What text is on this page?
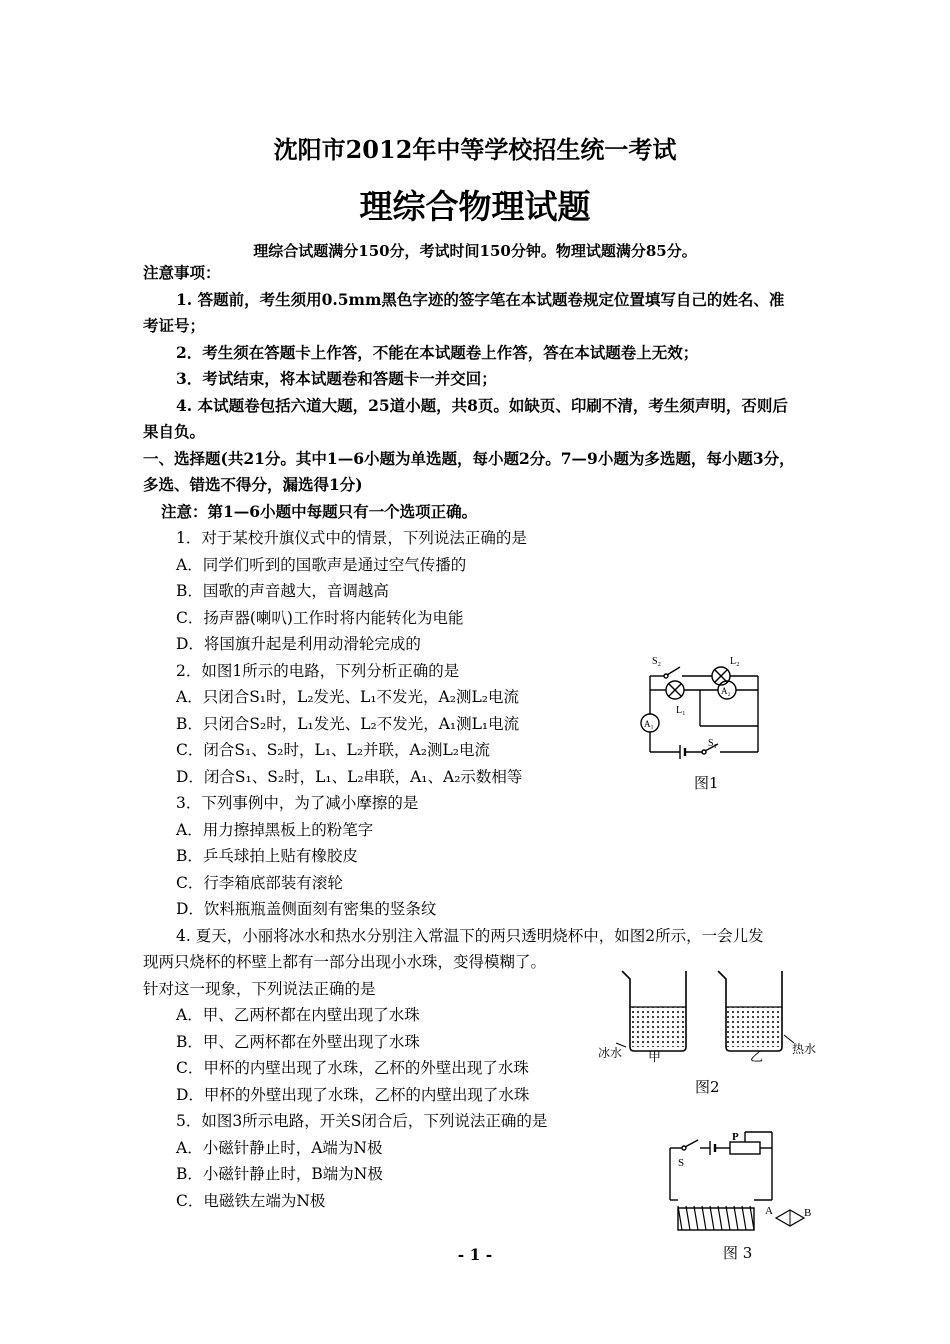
沈阳市2012年中等学校招生统一考试
理综合物理试题
理综合试题满分150分，考试时间150分钟。物理试题满分85分。
注意事项：
1. 答题前，考生须用0.5mm黑色字迹的签字笔在本试题卷规定位置填写自己的姓名、准
考证号；
2．考生须在答题卡上作答，不能在本试题卷上作答，答在本试题卷上无效；
3．考试结束，将本试题卷和答题卡一并交回；
4. 本试题卷包括六道大题，25道小题，共8页。如缺页、印刷不清，考生须声明，否则后
果自负。
一、选择题(共21分。其中1—6小题为单选题，每小题2分。7—9小题为多选题，每小题3分，
多选、错选不得分，漏选得1分)
注意：第1—6小题中每题只有一个选项正确。
1．对于某校升旗仪式中的情景，下列说法正确的是
A．同学们听到的国歌声是通过空气传播的
B．国歌的声音越大，音调越高
C．扬声器(喇叭)工作时将内能转化为电能
D．将国旗升起是利用动滑轮完成的
2．如图1所示的电路，下列分析正确的是
A．只闭合S₁时，L₂发光、L₁不发光，A₂测L₂电流
B．只闭合S₂时，L₁发光、L₂不发光，A₁测L₁电流
C．闭合S₁、S₂时，L₁、L₂并联，A₂测L₂电流
D．闭合S₁、S₂时，L₁、L₂串联，A₁、A₂示数相等
3．下列事例中，为了减小摩擦的是
A．用力擦掉黑板上的粉笔字
B．乒乓球拍上贴有橡胶皮
C．行李箱底部装有滚轮
D．饮料瓶瓶盖侧面刻有密集的竖条纹
4. 夏天，小丽将冰水和热水分别注入常温下的两只透明烧杯中，如图2所示，一会儿发
现两只烧杯的杯壁上都有一部分出现小水珠，变得模糊了。
针对这一现象，下列说法正确的是
A．甲、乙两杯都在内壁出现了水珠
B．甲、乙两杯都在外壁出现了水珠
C．甲杯的内壁出现了水珠，乙杯的外壁出现了水珠
D．甲杯的外壁出现了水珠，乙杯的内壁出现了水珠
5．如图3所示电路，开关S闭合后，下列说法正确的是
A．小磁针静止时，A端为N极
B．小磁针静止时，B端为N极
C．电磁铁左端为N极
S₂	L₂
A₂
L₁
A₁
S₁
图1
冰水 甲	乙 热水
图2
P
S
A	B
图 3
- 1 -
